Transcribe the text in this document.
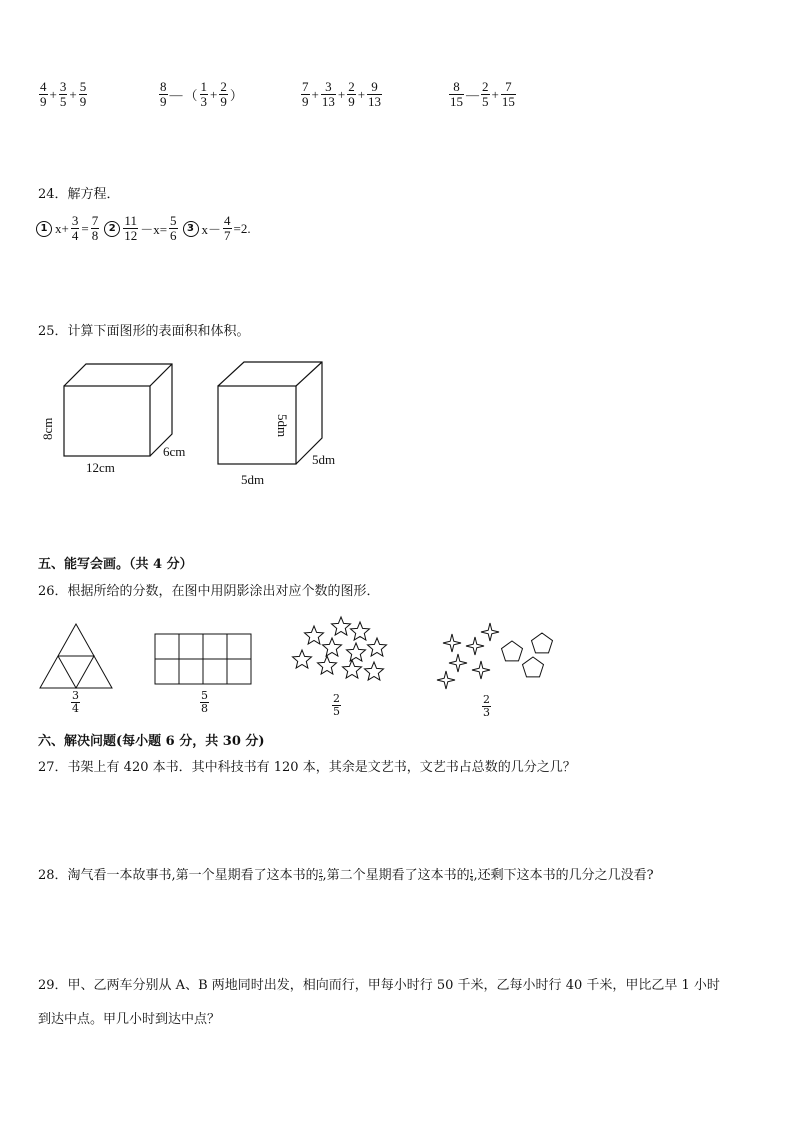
$\frac{4}{9} + \frac{3}{5} + \frac{5}{9}$	$\frac{8}{9}$ — （ $\frac{1}{3} + \frac{2}{9}$ ）	$\frac{7}{9} + \frac{3}{13} + \frac{2}{9} + \frac{9}{13}$	$\frac{8}{15}$ — $\frac{2}{5} + \frac{7}{15}$
24．解方程．
1 $x+ \frac{3}{4} = \frac{7}{8} 2 \frac{11}{12} -x= \frac{5}{6} 3$ $x- \frac{4}{7} =2$.
25．计算下面图形的表面积和体积。
8cm
12cm
6cm
5dm
5dm
5dm
五、能写会画。（共 4 分）
26．根据所给的分数，在图中用阴影涂出对应个数的图形．
$\frac{3}{4}$	$\frac{5}{8}$	$\frac{2}{5}$	$\frac{2}{3}$
六、解决问题(每小题 6 分，共 30 分)
27．书架上有 420 本书．其中科技书有 120 本，其余是文艺书，文艺书占总数的几分之几？
28．淘气看一本故事书,第一个星期看了这本书的 $\frac{2}{5}$ ,第二个星期看了这本书的 $\frac{1}{4}$ ,还剩下这本书的几分之几没看?
29．甲、乙两车分别从 A、B 两地同时出发，相向而行，甲每小时行 50 千米，乙每小时行 40 千米，甲比乙早 1 小时
到达中点。甲几小时到达中点？
